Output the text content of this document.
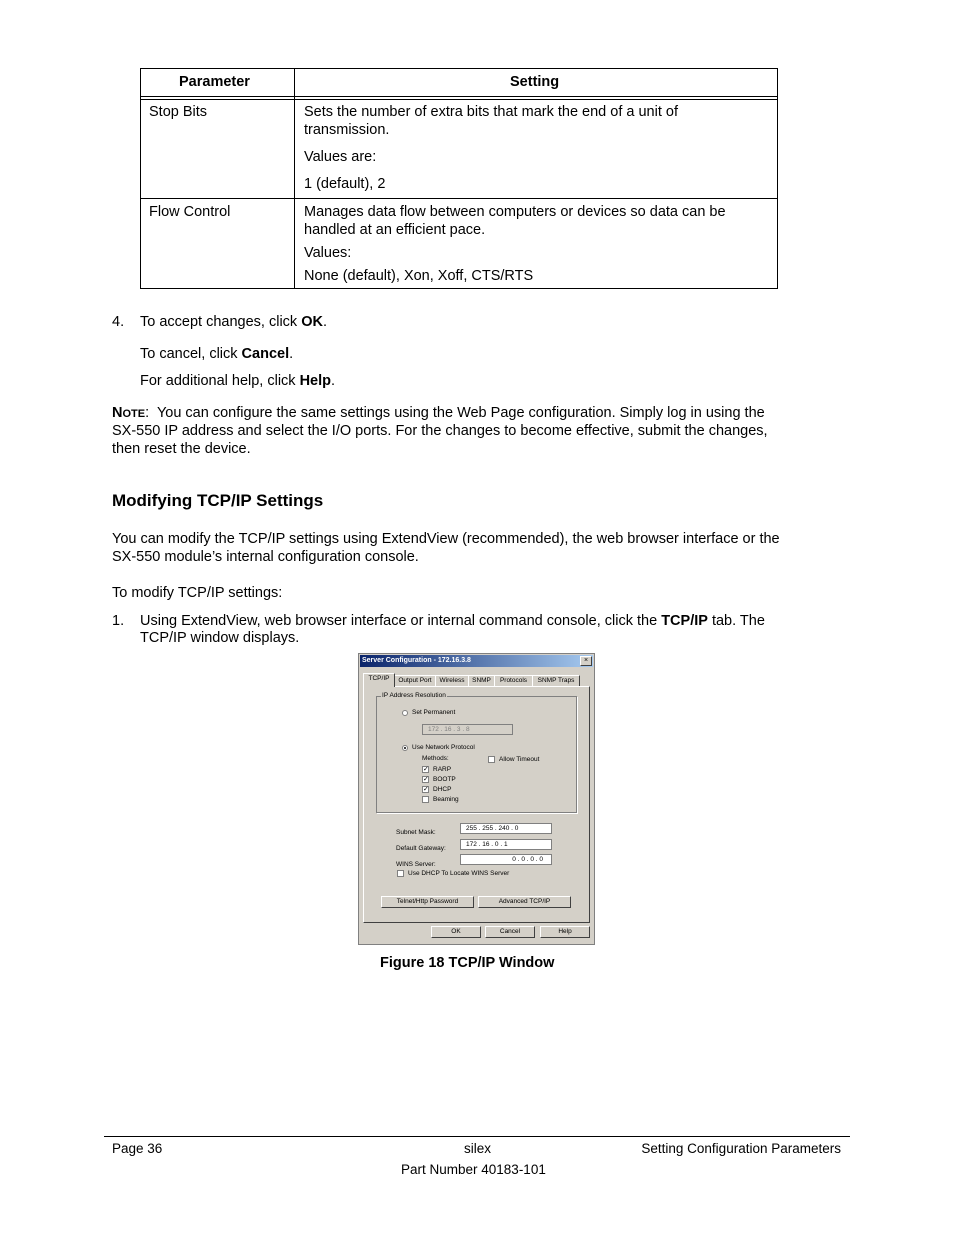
Parameter	Setting
Stop Bits	Sets the number of extra bits that mark the end of a unit of
transmission.
Values are:
1 (default), 2
Flow Control	Manages data flow between computers or devices so data can be
handled at an efficient pace.
Values:
None (default), Xon, Xoff, CTS/RTS
4. To accept changes, click OK.
To cancel, click Cancel.
For additional help, click Help.
NOTE: You can configure the same settings using the Web Page configuration. Simply log in using the
SX-550 IP address and select the I/O ports. For the changes to become effective, submit the changes,
then reset the device.
Modifying TCP/IP Settings
You can modify the TCP/IP settings using ExtendView (recommended), the web browser interface or the
SX-550 module’s internal configuration console.
To modify TCP/IP settings:
1. Using ExtendView, web browser interface or internal command console, click the TCP/IP tab. The
TCP/IP window displays.
Server Configuration - 172.16.3.8	×
TCP/IP	Output Port	Wireless	SNMP	Protocols	SNMP Traps
IP Address Resolution
Set Permanent
172 . 16 . 3 . 8
Use Network Protocol
Methods:	Allow Timeout
✓ RARP
✓ BOOTP
✓ DHCP
Beaming
Subnet Mask:
255 . 255 . 240 . 0
Default Gateway:
172 . 16 . 0 . 1
WINS Server:
0 . 0 . 0 . 0
Use DHCP To Locate WINS Server
Telnet/Http Password	Advanced TCP/IP
OK	Cancel	Help
Figure 18 TCP/IP Window
Page 36	silex	Setting Configuration Parameters
Part Number 40183-101
